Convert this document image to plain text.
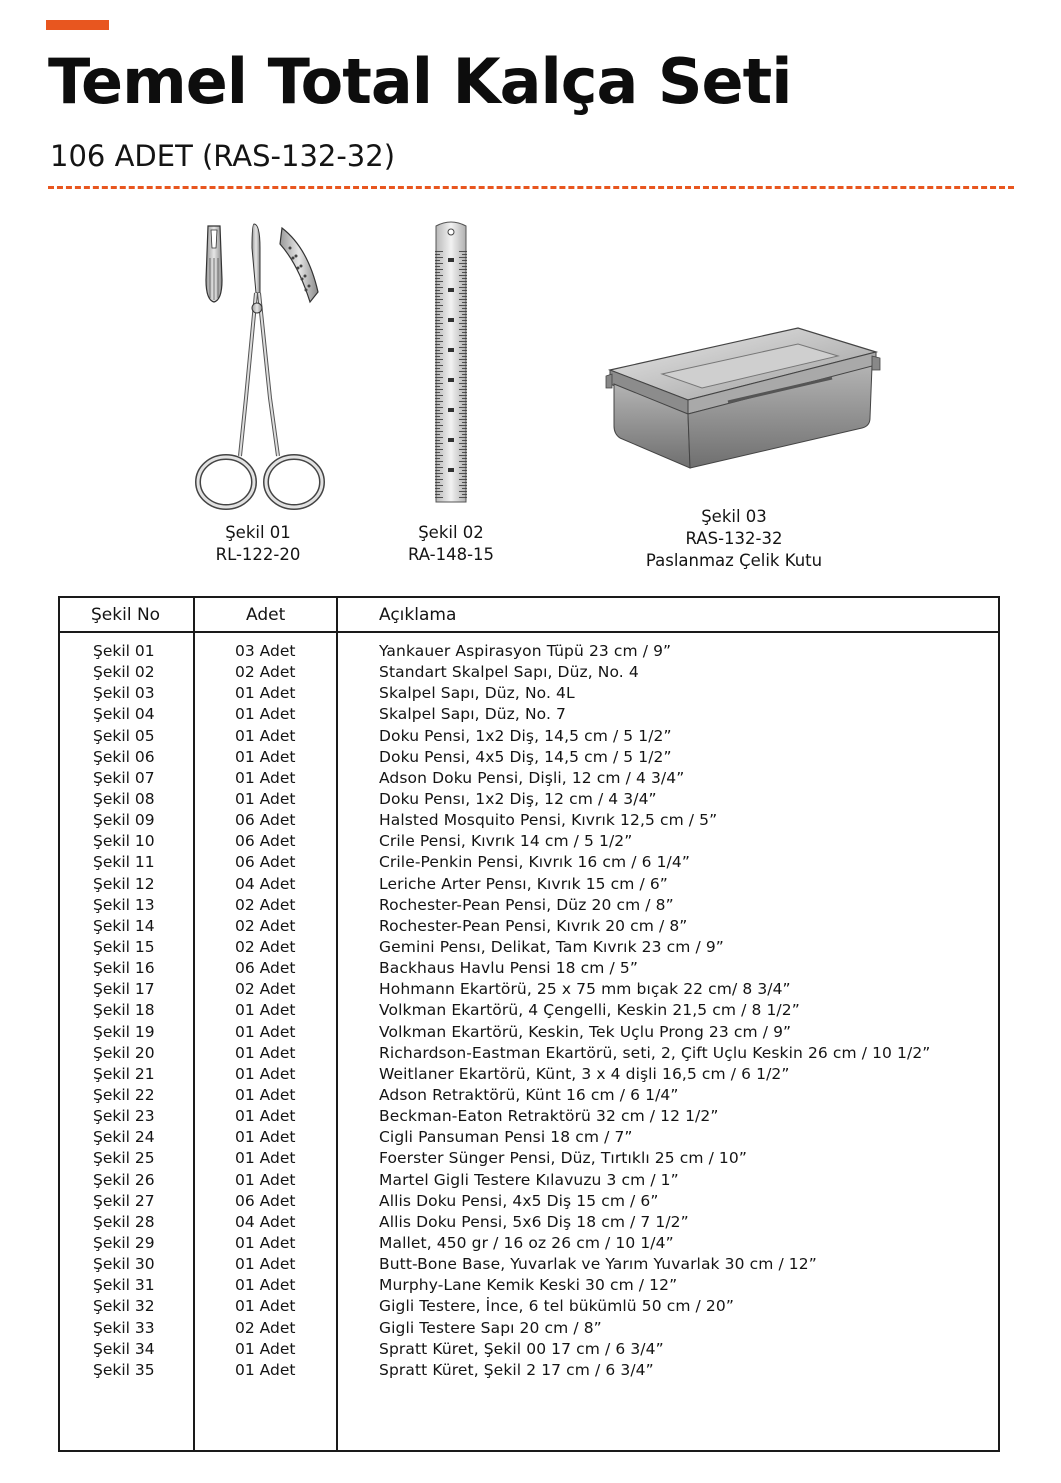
Temel Total Kalça Seti
106 ADET (RAS-132-32)
Şekil 01
RL-122-20
Şekil 02
RA-148-15
Şekil 03
RAS-132-32
Paslanmaz Çelik Kutu
Şekil No	Adet	Açıklama
Şekil 01	03 Adet	Yankauer Aspirasyon Tüpü 23 cm / 9”
Şekil 02	02 Adet	Standart Skalpel Sapı, Düz, No. 4
Şekil 03	01 Adet	Skalpel Sapı, Düz, No. 4L
Şekil 04	01 Adet	Skalpel Sapı, Düz, No. 7
Şekil 05	01 Adet	Doku Pensi, 1x2 Diş, 14,5 cm / 5 1/2”
Şekil 06	01 Adet	Doku Pensi, 4x5 Diş, 14,5 cm / 5 1/2”
Şekil 07	01 Adet	Adson Doku Pensi, Dişli, 12 cm / 4 3/4”
Şekil 08	01 Adet	Doku Pensı, 1x2 Diş, 12 cm / 4 3/4”
Şekil 09	06 Adet	Halsted Mosquito Pensi, Kıvrık 12,5 cm / 5”
Şekil 10	06 Adet	Crile Pensi, Kıvrık 14 cm / 5 1/2”
Şekil 11	06 Adet	Crile-Penkin Pensi, Kıvrık 16 cm / 6 1/4”
Şekil 12	04 Adet	Leriche Arter Pensı, Kıvrık 15 cm / 6”
Şekil 13	02 Adet	Rochester-Pean Pensi, Düz 20 cm / 8”
Şekil 14	02 Adet	Rochester-Pean Pensi, Kıvrık 20 cm / 8”
Şekil 15	02 Adet	Gemini Pensı, Delikat, Tam Kıvrık 23 cm / 9”
Şekil 16	06 Adet	Backhaus Havlu Pensi 18 cm / 5”
Şekil 17	02 Adet	Hohmann Ekartörü, 25 x 75 mm bıçak 22 cm/ 8 3/4”
Şekil 18	01 Adet	Volkman Ekartörü, 4 Çengelli, Keskin 21,5 cm / 8 1/2”
Şekil 19	01 Adet	Volkman Ekartörü, Keskin, Tek Uçlu Prong 23 cm / 9”
Şekil 20	01 Adet	Richardson-Eastman Ekartörü, seti, 2, Çift Uçlu Keskin 26 cm / 10 1/2”
Şekil 21	01 Adet	Weitlaner Ekartörü, Künt, 3 x 4 dişli 16,5 cm / 6 1/2”
Şekil 22	01 Adet	Adson Retraktörü, Künt 16 cm / 6 1/4”
Şekil 23	01 Adet	Beckman-Eaton Retraktörü 32 cm / 12 1/2”
Şekil 24	01 Adet	Cigli Pansuman Pensi 18 cm / 7”
Şekil 25	01 Adet	Foerster Sünger Pensi, Düz, Tırtıklı 25 cm / 10”
Şekil 26	01 Adet	Martel Gigli Testere Kılavuzu 3 cm / 1”
Şekil 27	06 Adet	Allis Doku Pensi, 4x5 Diş 15 cm / 6”
Şekil 28	04 Adet	Allis Doku Pensi, 5x6 Diş 18 cm / 7 1/2”
Şekil 29	01 Adet	Mallet, 450 gr / 16 oz 26 cm / 10 1/4”
Şekil 30	01 Adet	Butt-Bone Base, Yuvarlak ve Yarım Yuvarlak 30 cm / 12”
Şekil 31	01 Adet	Murphy-Lane Kemik Keski 30 cm / 12”
Şekil 32	01 Adet	Gigli Testere, İnce, 6 tel bükümlü 50 cm / 20”
Şekil 33	02 Adet	Gigli Testere Sapı 20 cm / 8”
Şekil 34	01 Adet	Spratt Küret, Şekil 00 17 cm / 6 3/4”
Şekil 35	01 Adet	Spratt Küret, Şekil 2 17 cm / 6 3/4”
